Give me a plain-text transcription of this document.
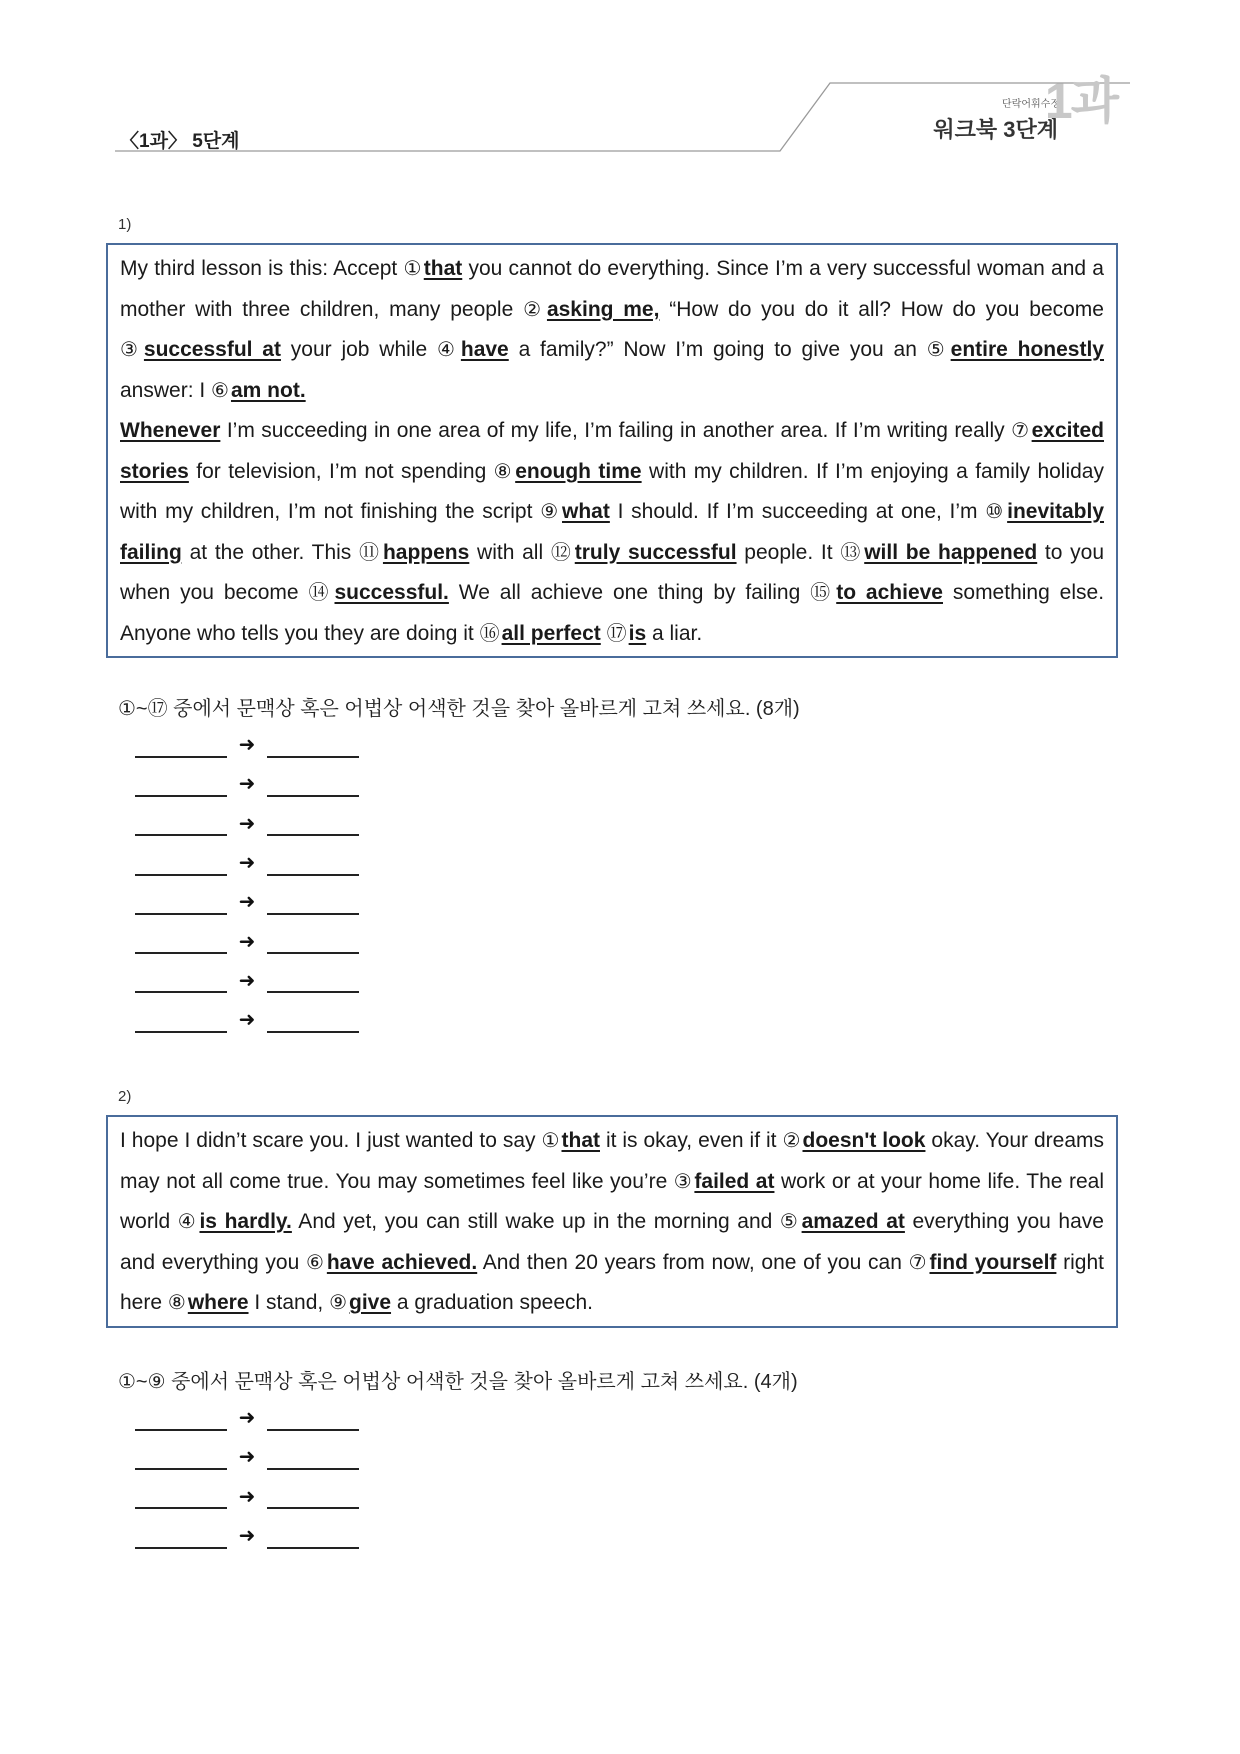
〈1과〉 5단계
단락어휘수정
워크북 3단계
1과
1)

My third lesson is this: Accept ①that you cannot do everything. Since I’m a very successful woman and a mother with three children, many people ②asking me, “How do you do it all? How do you become ③successful at your job while ④have a family?” Now I’m going to give you an ⑤entire honestly answer: I ⑥am not.

Whenever I’m succeeding in one area of my life, I’m failing in another area. If I’m writing really ⑦excited stories for television, I’m not spending ⑧enough time with my children. If I’m enjoying a family holiday with my children, I’m not finishing the script ⑨what I should. If I’m succeeding at one, I’m ⑩inevitably failing at the other. This ⑪happens with all ⑫truly successful people. It ⑬will be happened to you when you become ⑭successful. We all achieve one thing by failing ⑮to achieve something else. Anyone who tells you they are doing it ⑯all perfect ⑰is a liar.

①~⑰ 중에서 문맥상 혹은 어법상 어색한 것을 찾아 올바르게 고쳐 쓰세요. (8개)
➜
➜
➜
➜
➜
➜
➜
➜
2)

I hope I didn’t scare you. I just wanted to say ①that it is okay, even if it ②doesn't look okay. Your dreams may not all come true. You may sometimes feel like you’re ③failed at work or at your home life. The real world ④is hardly. And yet, you can still wake up in the morning and ⑤amazed at everything you have and everything you ⑥have achieved. And then 20 years from now, one of you can ⑦find yourself right here ⑧where I stand, ⑨give a graduation speech.

①~⑨ 중에서 문맥상 혹은 어법상 어색한 것을 찾아 올바르게 고쳐 쓰세요. (4개)
➜
➜
➜
➜
